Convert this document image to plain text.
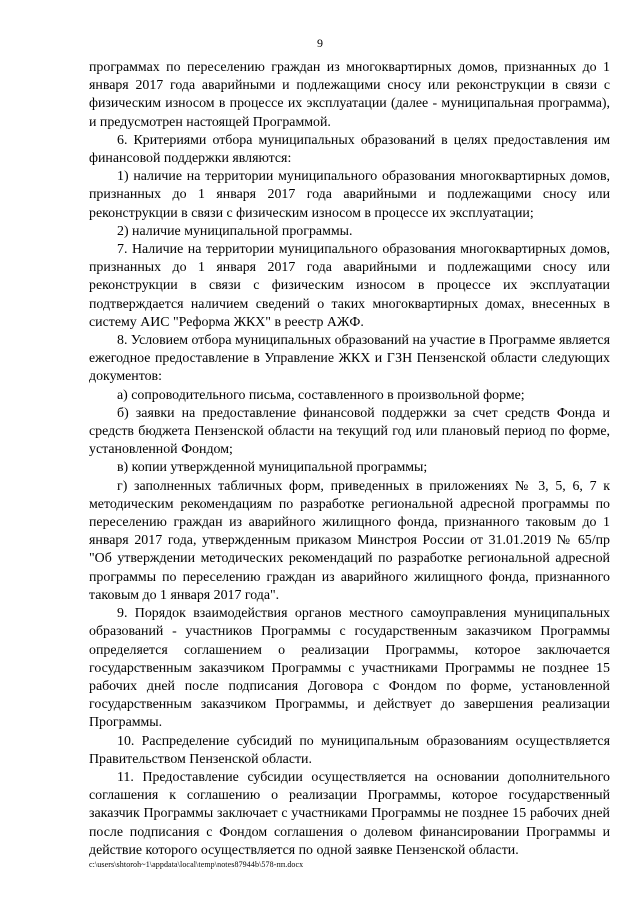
9

программах по переселению граждан из многоквартирных домов, признанных до 1 января 2017 года аварийными и подлежащими сносу или реконструкции в связи с физическим износом в процессе их эксплуатации (далее - муниципальная программа), и предусмотрен настоящей Программой.

6. Критериями отбора муниципальных образований в целях предоставления им финансовой поддержки являются:

1) наличие на территории муниципального образования многоквартирных домов, признанных до 1 января 2017 года аварийными и подлежащими сносу или реконструкции в связи с физическим износом в процессе их эксплуатации;

2) наличие муниципальной программы.

7. Наличие на территории муниципального образования многоквартирных домов, признанных до 1 января 2017 года аварийными и подлежащими сносу или реконструкции в связи с физическим износом в процессе их эксплуатации подтверждается наличием сведений о таких многоквартирных домах, внесенных в систему АИС "Реформа ЖКХ" в реестр АЖФ.

8. Условием отбора муниципальных образований на участие в Программе является ежегодное предоставление в Управление ЖКХ и ГЗН Пензенской области следующих документов:

а) сопроводительного письма, составленного в произвольной форме;

б) заявки на предоставление финансовой поддержки за счет средств Фонда и средств бюджета Пензенской области на текущий год или плановый период по форме, установленной Фондом;

в) копии утвержденной муниципальной программы;

г) заполненных табличных форм, приведенных в приложениях № 3, 5, 6, 7 к методическим рекомендациям по разработке региональной адресной программы по переселению граждан из аварийного жилищного фонда, признанного таковым до 1 января 2017 года, утвержденным приказом Минстроя России от 31.01.2019 № 65/пр "Об утверждении методических рекомендаций по разработке региональной адресной программы по переселению граждан из аварийного жилищного фонда, признанного таковым до 1 января 2017 года".

9. Порядок взаимодействия органов местного самоуправления муниципальных образований - участников Программы с государственным заказчиком Программы определяется соглашением о реализации Программы, которое заключается государственным заказчиком Программы с участниками Программы не позднее 15 рабочих дней после подписания Договора с Фондом по форме, установленной государственным заказчиком Программы, и действует до завершения реализации Программы.

10. Распределение субсидий по муниципальным образованиям осуществляется Правительством Пензенской области.

11. Предоставление субсидии осуществляется на основании дополнительного соглашения к соглашению о реализации Программы, которое государственный заказчик Программы заключает с участниками Программы не позднее 15 рабочих дней после подписания с Фондом соглашения о долевом финансировании Программы и действие которого осуществляется по одной заявке Пензенской области.

c:\users\shtoroh~1\appdata\local\temp\notes87944b\578-пп.docx
